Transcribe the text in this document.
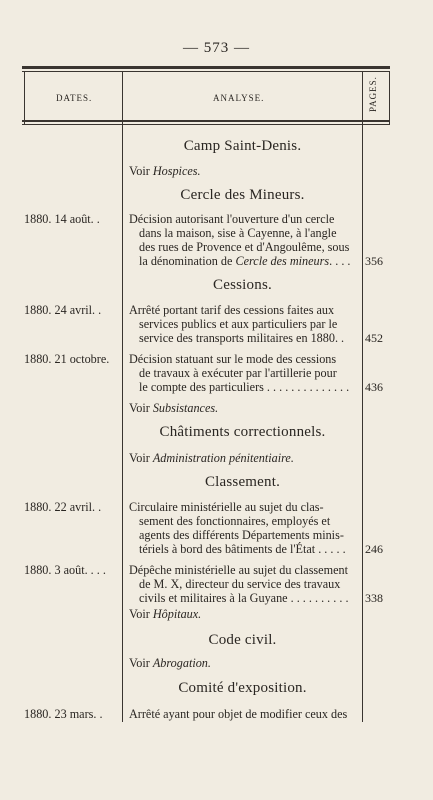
— 573 —
DATES.	ANALYSE.	PAGES.
Camp Saint-Denis.
Voir Hospices.
Cercle des Mineurs.
1880. 14 août. . Décision autorisant l'ouverture d'un cercle
dans la maison, sise à Cayenne, à l'angle
des rues de Provence et d'Angoulême, sous
la dénomination de Cercle des mineurs. . . . 356
Cessions.
1880. 24 avril. . Arrêté portant tarif des cessions faites aux
services publics et aux particuliers par le
service des transports militaires en 1880. . 452
1880. 21 octobre. Décision statuant sur le mode des cessions
de travaux à exécuter par l'artillerie pour
le compte des particuliers . . . . . . . . . . . . . . 436
Voir Subsistances.
Châtiments correctionnels.
Voir Administration pénitentiaire.
Classement.
1880. 22 avril. . Circulaire ministérielle au sujet du clas-
sement des fonctionnaires, employés et
agents des différents Départements minis-
tériels à bord des bâtiments de l'État . . . . . 246
1880. 3 août. . . . Dépêche ministérielle au sujet du classement
de M. X, directeur du service des travaux
civils et militaires à la Guyane . . . . . . . . . . 338
Voir Hôpitaux.
Code civil.
Voir Abrogation.
Comité d'exposition.
1880. 23 mars. . Arrêté ayant pour objet de modifier ceux des
